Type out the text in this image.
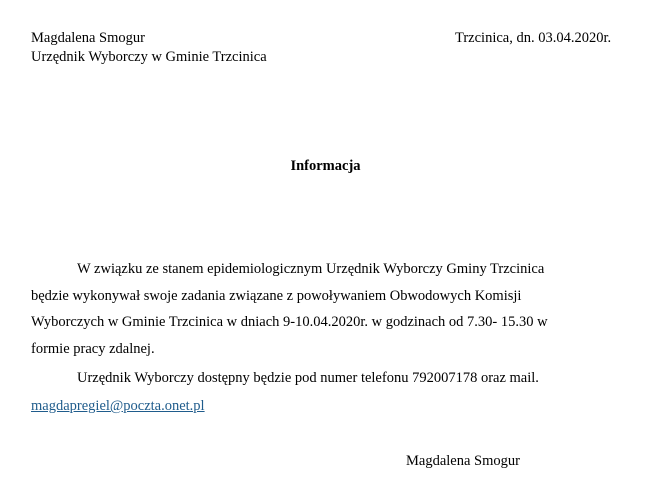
Magdalena Smogur
Urzędnik Wyborczy w Gminie Trzcinica
Trzcinica, dn. 03.04.2020r.
Informacja
W związku ze stanem epidemiologicznym Urzędnik Wyborczy Gminy Trzcinica
będzie wykonywał swoje zadania związane z powoływaniem Obwodowych Komisji
Wyborczych w Gminie Trzcinica w dniach 9-10.04.2020r. w godzinach od 7.30- 15.30 w
formie pracy zdalnej.
Urzędnik Wyborczy dostępny będzie pod numer telefonu 792007178 oraz mail.
magdapregiel@poczta.onet.pl
Magdalena Smogur
